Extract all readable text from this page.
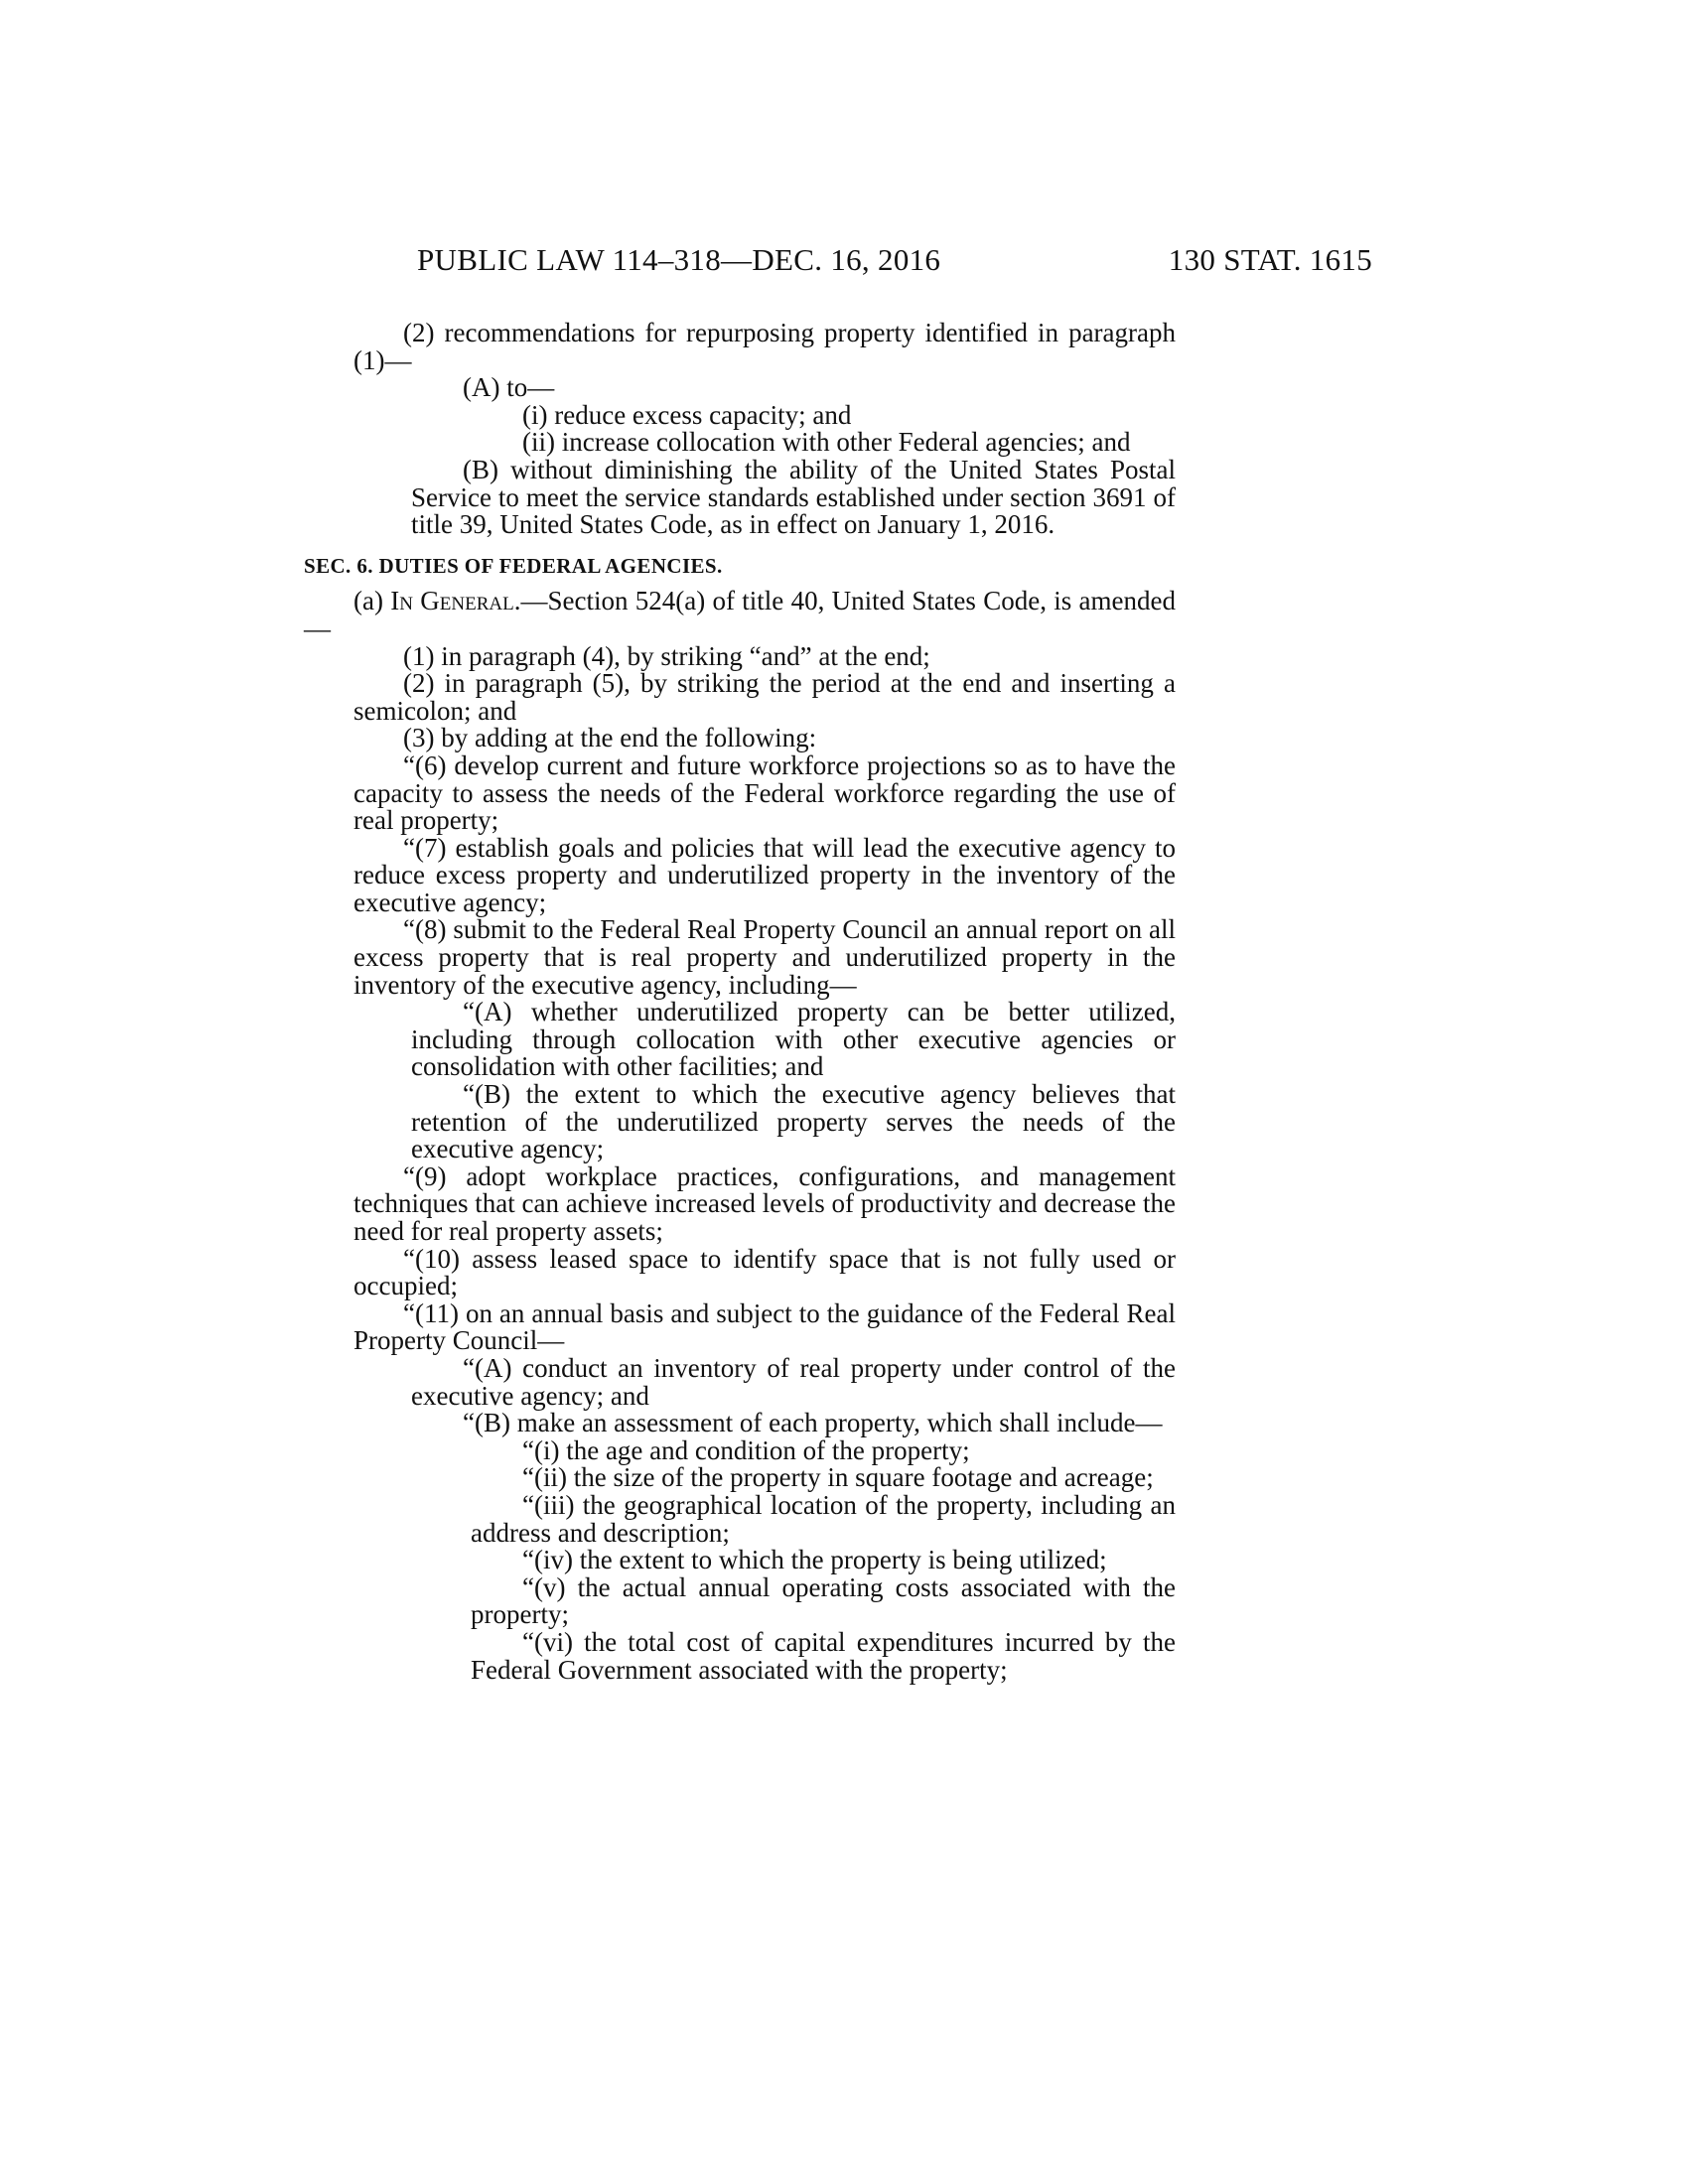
PUBLIC LAW 114–318—DEC. 16, 2016	130 STAT. 1615

(2) recommendations for repurposing property identified in paragraph (1)—

(A) to—

(i) reduce excess capacity; and

(ii) increase collocation with other Federal agencies; and

(B) without diminishing the ability of the United States Postal Service to meet the service standards established under section 3691 of title 39, United States Code, as in effect on January 1, 2016.

SEC. 6. DUTIES OF FEDERAL AGENCIES.

(a) In General.—Section 524(a) of title 40, United States Code, is amended—

(1) in paragraph (4), by striking “and” at the end;

(2) in paragraph (5), by striking the period at the end and inserting a semicolon; and

(3) by adding at the end the following:

“(6) develop current and future workforce projections so as to have the capacity to assess the needs of the Federal workforce regarding the use of real property;

“(7) establish goals and policies that will lead the executive agency to reduce excess property and underutilized property in the inventory of the executive agency;

“(8) submit to the Federal Real Property Council an annual report on all excess property that is real property and underutilized property in the inventory of the executive agency, including—

“(A) whether underutilized property can be better utilized, including through collocation with other executive agencies or consolidation with other facilities; and

“(B) the extent to which the executive agency believes that retention of the underutilized property serves the needs of the executive agency;

“(9) adopt workplace practices, configurations, and management techniques that can achieve increased levels of productivity and decrease the need for real property assets;

“(10) assess leased space to identify space that is not fully used or occupied;

“(11) on an annual basis and subject to the guidance of the Federal Real Property Council—

“(A) conduct an inventory of real property under control of the executive agency; and

“(B) make an assessment of each property, which shall include—

“(i) the age and condition of the property;

“(ii) the size of the property in square footage and acreage;

“(iii) the geographical location of the property, including an address and description;

“(iv) the extent to which the property is being utilized;

“(v) the actual annual operating costs associated with the property;

“(vi) the total cost of capital expenditures incurred by the Federal Government associated with the property;
